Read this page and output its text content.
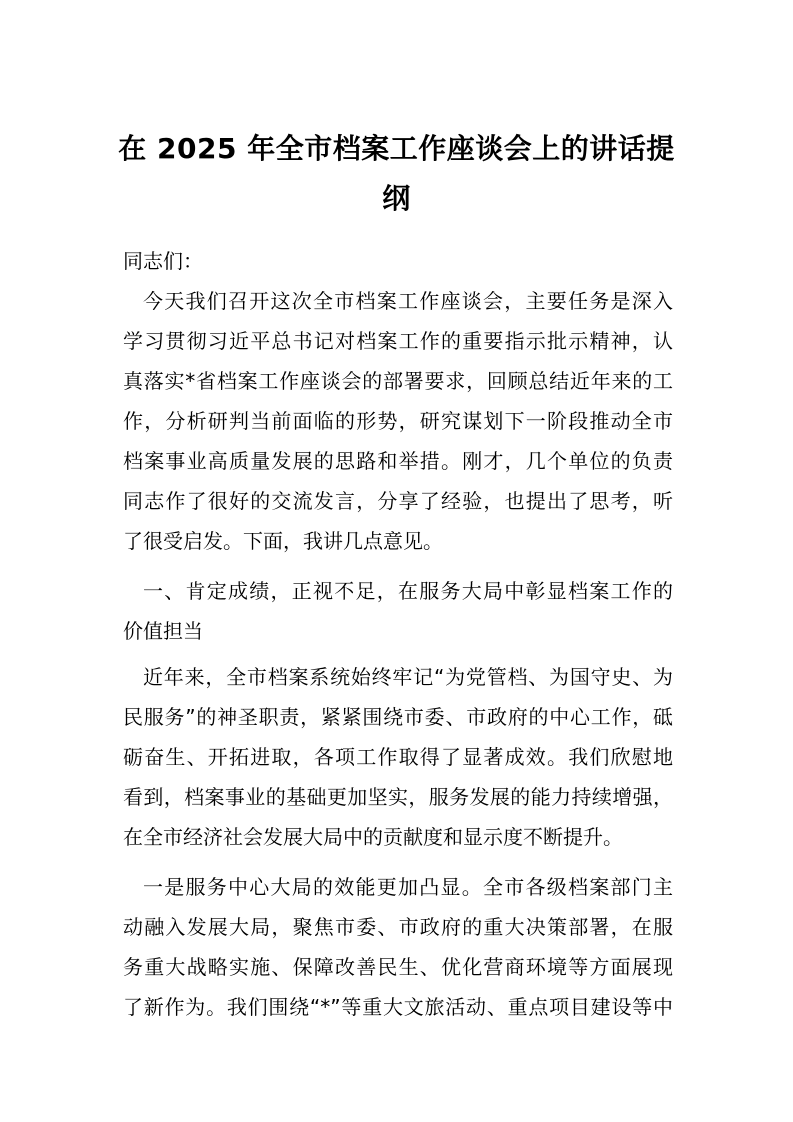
在 2025 年全市档案工作座谈会上的讲话提
纲
同志们：
今天我们召开这次全市档案工作座谈会，主要任务是深入
学习贯彻习近平总书记对档案工作的重要指示批示精神，认
真落实*省档案工作座谈会的部署要求，回顾总结近年来的工
作，分析研判当前面临的形势，研究谋划下一阶段推动全市
档案事业高质量发展的思路和举措。刚才，几个单位的负责
同志作了很好的交流发言，分享了经验，也提出了思考，听
了很受启发。下面，我讲几点意见。
一、肯定成绩，正视不足，在服务大局中彰显档案工作的
价值担当
近年来，全市档案系统始终牢记“为党管档、为国守史、为
民服务”的神圣职责，紧紧围绕市委、市政府的中心工作，砥
砺奋生、开拓进取，各项工作取得了显著成效。我们欣慰地
看到，档案事业的基础更加坚实，服务发展的能力持续增强，
在全市经济社会发展大局中的贡献度和显示度不断提升。
一是服务中心大局的效能更加凸显。全市各级档案部门主
动融入发展大局，聚焦市委、市政府的重大决策部署，在服
务重大战略实施、保障改善民生、优化营商环境等方面展现
了新作为。我们围绕“*”等重大文旅活动、重点项目建设等中
